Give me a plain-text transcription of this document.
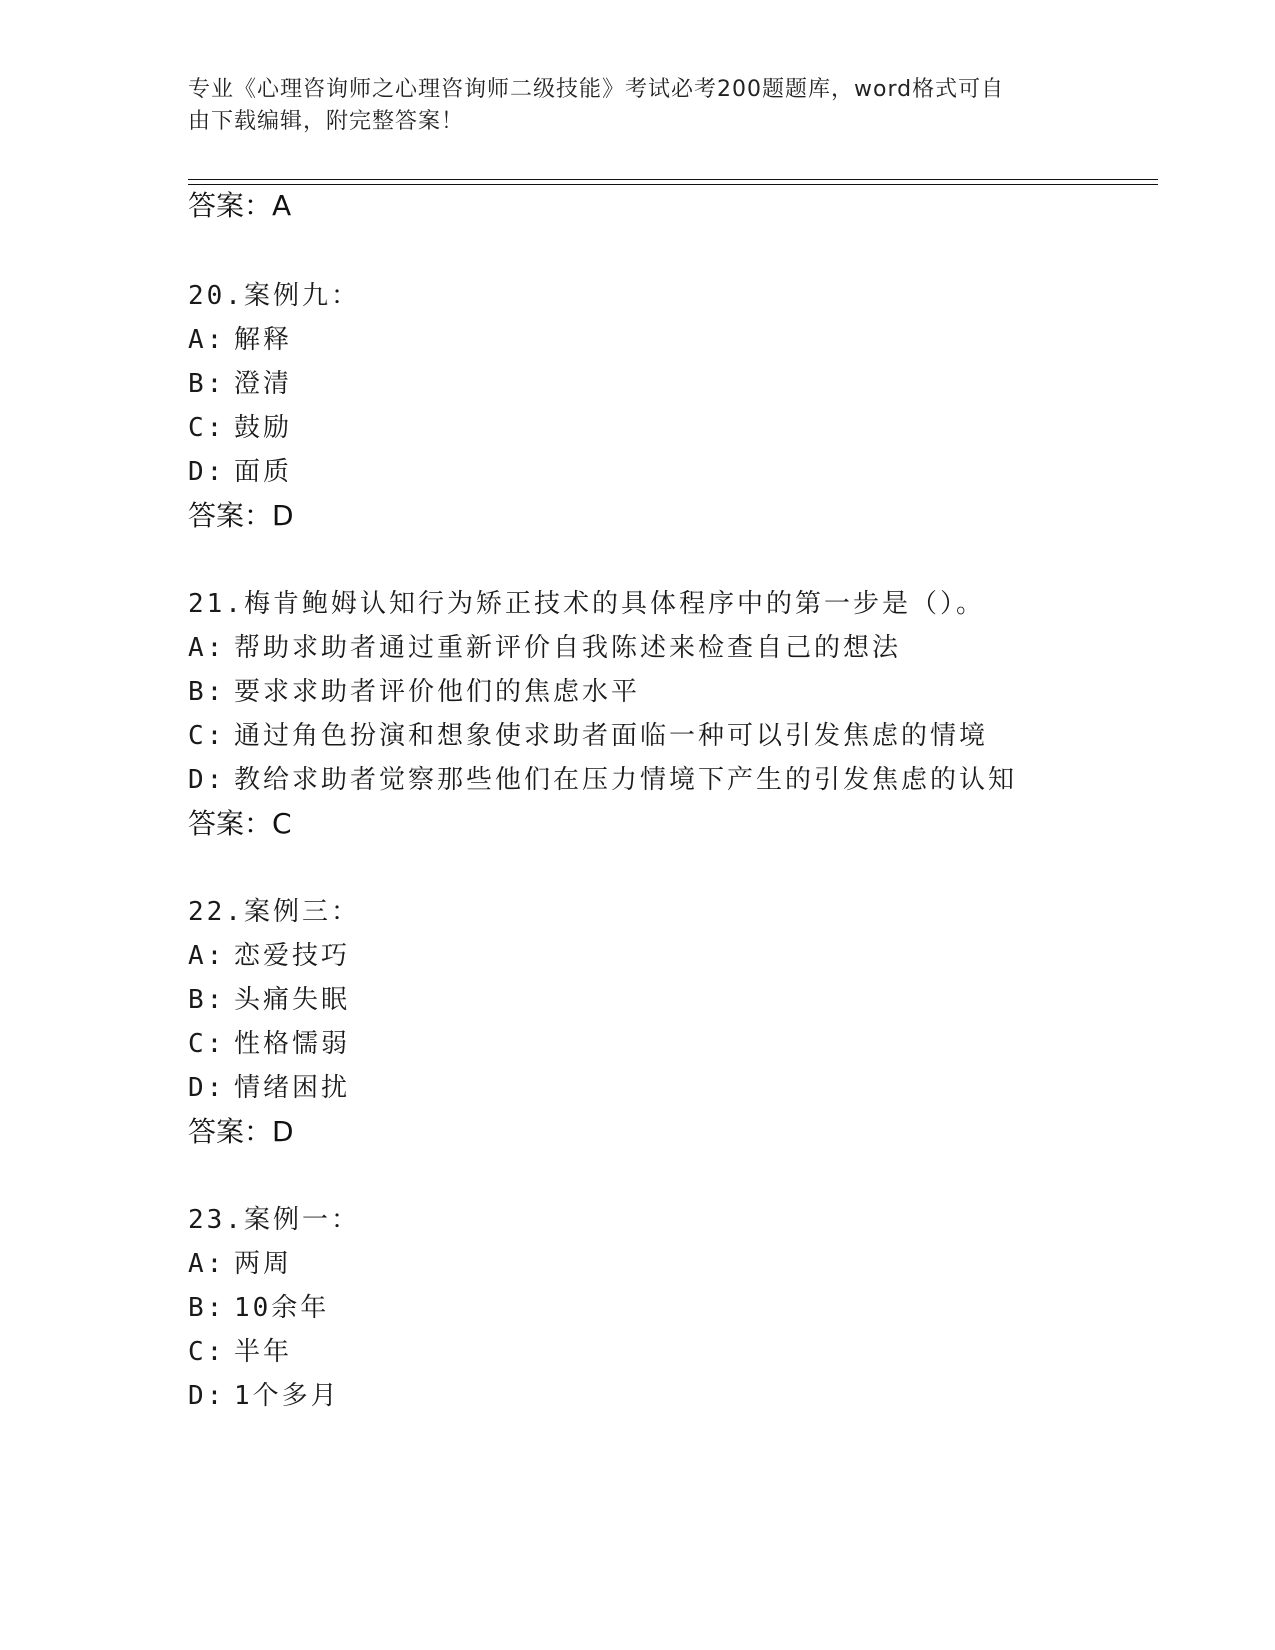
专业《心理咨询师之心理咨询师二级技能》考试必考200题题库，word格式可自
由下载编辑，附完整答案！
答案：A
20.案例九：
A: 解释
B: 澄清
C: 鼓励
D: 面质
答案：D
21.梅肯鲍姆认知行为矫正技术的具体程序中的第一步是（）。
A: 帮助求助者通过重新评价自我陈述来检查自己的想法
B: 要求求助者评价他们的焦虑水平
C: 通过角色扮演和想象使求助者面临一种可以引发焦虑的情境
D: 教给求助者觉察那些他们在压力情境下产生的引发焦虑的认知
答案：C
22.案例三：
A: 恋爱技巧
B: 头痛失眠
C: 性格懦弱
D: 情绪困扰
答案：D
23.案例一：
A: 两周
B: 10余年
C: 半年
D: 1个多月
